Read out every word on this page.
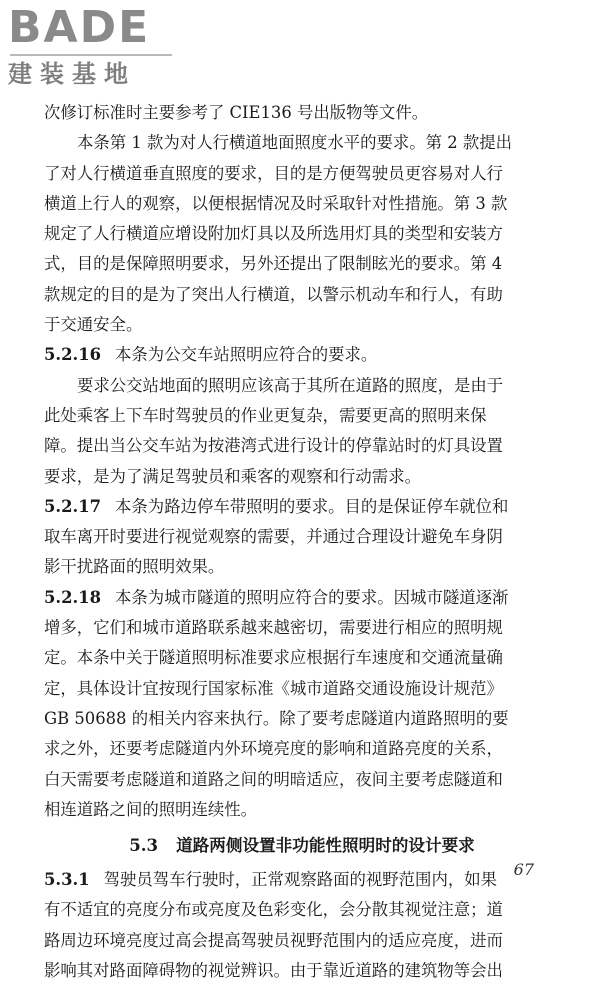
BADE
建装基地
次修订标准时主要参考了 CIE136 号出版物等文件。
本条第 1 款为对人行横道地面照度水平的要求。第 2 款提出
了对人行横道垂直照度的要求，目的是方便驾驶员更容易对人行
横道上行人的观察，以便根据情况及时采取针对性措施。第 3 款
规定了人行横道应增设附加灯具以及所选用灯具的类型和安装方
式，目的是保障照明要求，另外还提出了限制眩光的要求。第 4
款规定的目的是为了突出人行横道，以警示机动车和行人，有助
于交通安全。
5.2.16 本条为公交车站照明应符合的要求。
要求公交站地面的照明应该高于其所在道路的照度，是由于
此处乘客上下车时驾驶员的作业更复杂，需要更高的照明来保
障。提出当公交车站为按港湾式进行设计的停靠站时的灯具设置
要求，是为了满足驾驶员和乘客的观察和行动需求。
5.2.17 本条为路边停车带照明的要求。目的是保证停车就位和
取车离开时要进行视觉观察的需要，并通过合理设计避免车身阴
影干扰路面的照明效果。
5.2.18 本条为城市隧道的照明应符合的要求。因城市隧道逐渐
增多，它们和城市道路联系越来越密切，需要进行相应的照明规
定。本条中关于隧道照明标准要求应根据行车速度和交通流量确
定，具体设计宜按现行国家标准《城市道路交通设施设计规范》
GB 50688 的相关内容来执行。除了要考虑隧道内道路照明的要
求之外，还要考虑隧道内外环境亮度的影响和道路亮度的关系，
白天需要考虑隧道和道路之间的明暗适应，夜间主要考虑隧道和
相连道路之间的照明连续性。
5.3 道路两侧设置非功能性照明时的设计要求
5.3.1 驾驶员驾车行驶时，正常观察路面的视野范围内，如果
有不适宜的亮度分布或亮度及色彩变化，会分散其视觉注意；道
路周边环境亮度过高会提高驾驶员视野范围内的适应亮度，进而
影响其对路面障碍物的视觉辨识。由于靠近道路的建筑物等会出
67
